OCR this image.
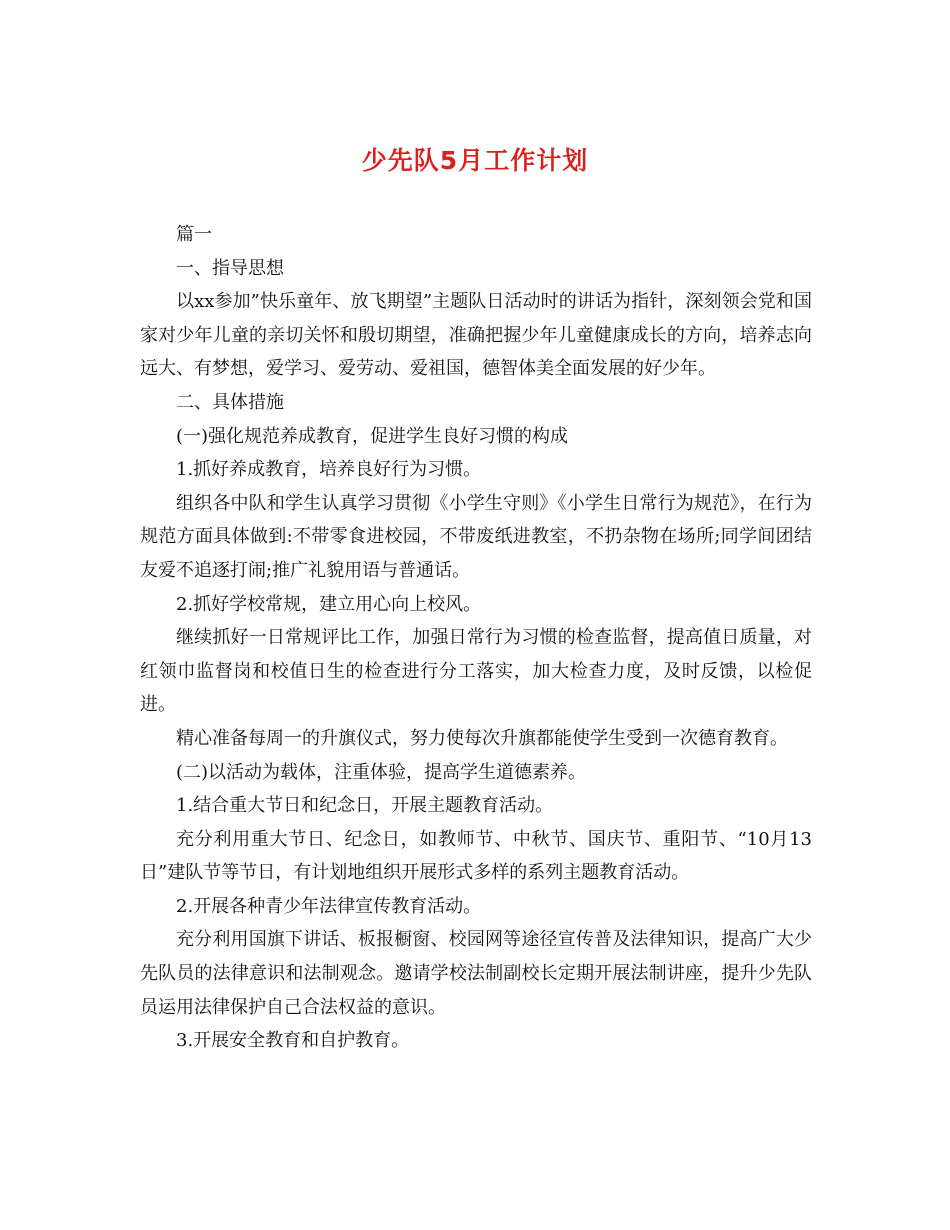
少先队5月工作计划

篇一

一、指导思想

以xx参加”快乐童年、放飞期望”主题队日活动时的讲话为指针，深刻领会党和国家对少年儿童的亲切关怀和殷切期望，准确把握少年儿童健康成长的方向，培养志向远大、有梦想，爱学习、爱劳动、爱祖国，德智体美全面发展的好少年。

二、具体措施

(一)强化规范养成教育，促进学生良好习惯的构成

1.抓好养成教育，培养良好行为习惯。

组织各中队和学生认真学习贯彻《小学生守则》《小学生日常行为规范》，在行为规范方面具体做到:不带零食进校园，不带废纸进教室，不扔杂物在场所;同学间团结友爱不追逐打闹;推广礼貌用语与普通话。

2.抓好学校常规，建立用心向上校风。

继续抓好一日常规评比工作，加强日常行为习惯的检查监督，提高值日质量，对红领巾监督岗和校值日生的检查进行分工落实，加大检查力度，及时反馈，以检促进。

精心准备每周一的升旗仪式，努力使每次升旗都能使学生受到一次德育教育。

(二)以活动为载体，注重体验，提高学生道德素养。

1.结合重大节日和纪念日，开展主题教育活动。

充分利用重大节日、纪念日，如教师节、中秋节、国庆节、重阳节、“10月13日”建队节等节日，有计划地组织开展形式多样的系列主题教育活动。

2.开展各种青少年法律宣传教育活动。

充分利用国旗下讲话、板报橱窗、校园网等途径宣传普及法律知识，提高广大少先队员的法律意识和法制观念。邀请学校法制副校长定期开展法制讲座，提升少先队员运用法律保护自己合法权益的意识。

3.开展安全教育和自护教育。
